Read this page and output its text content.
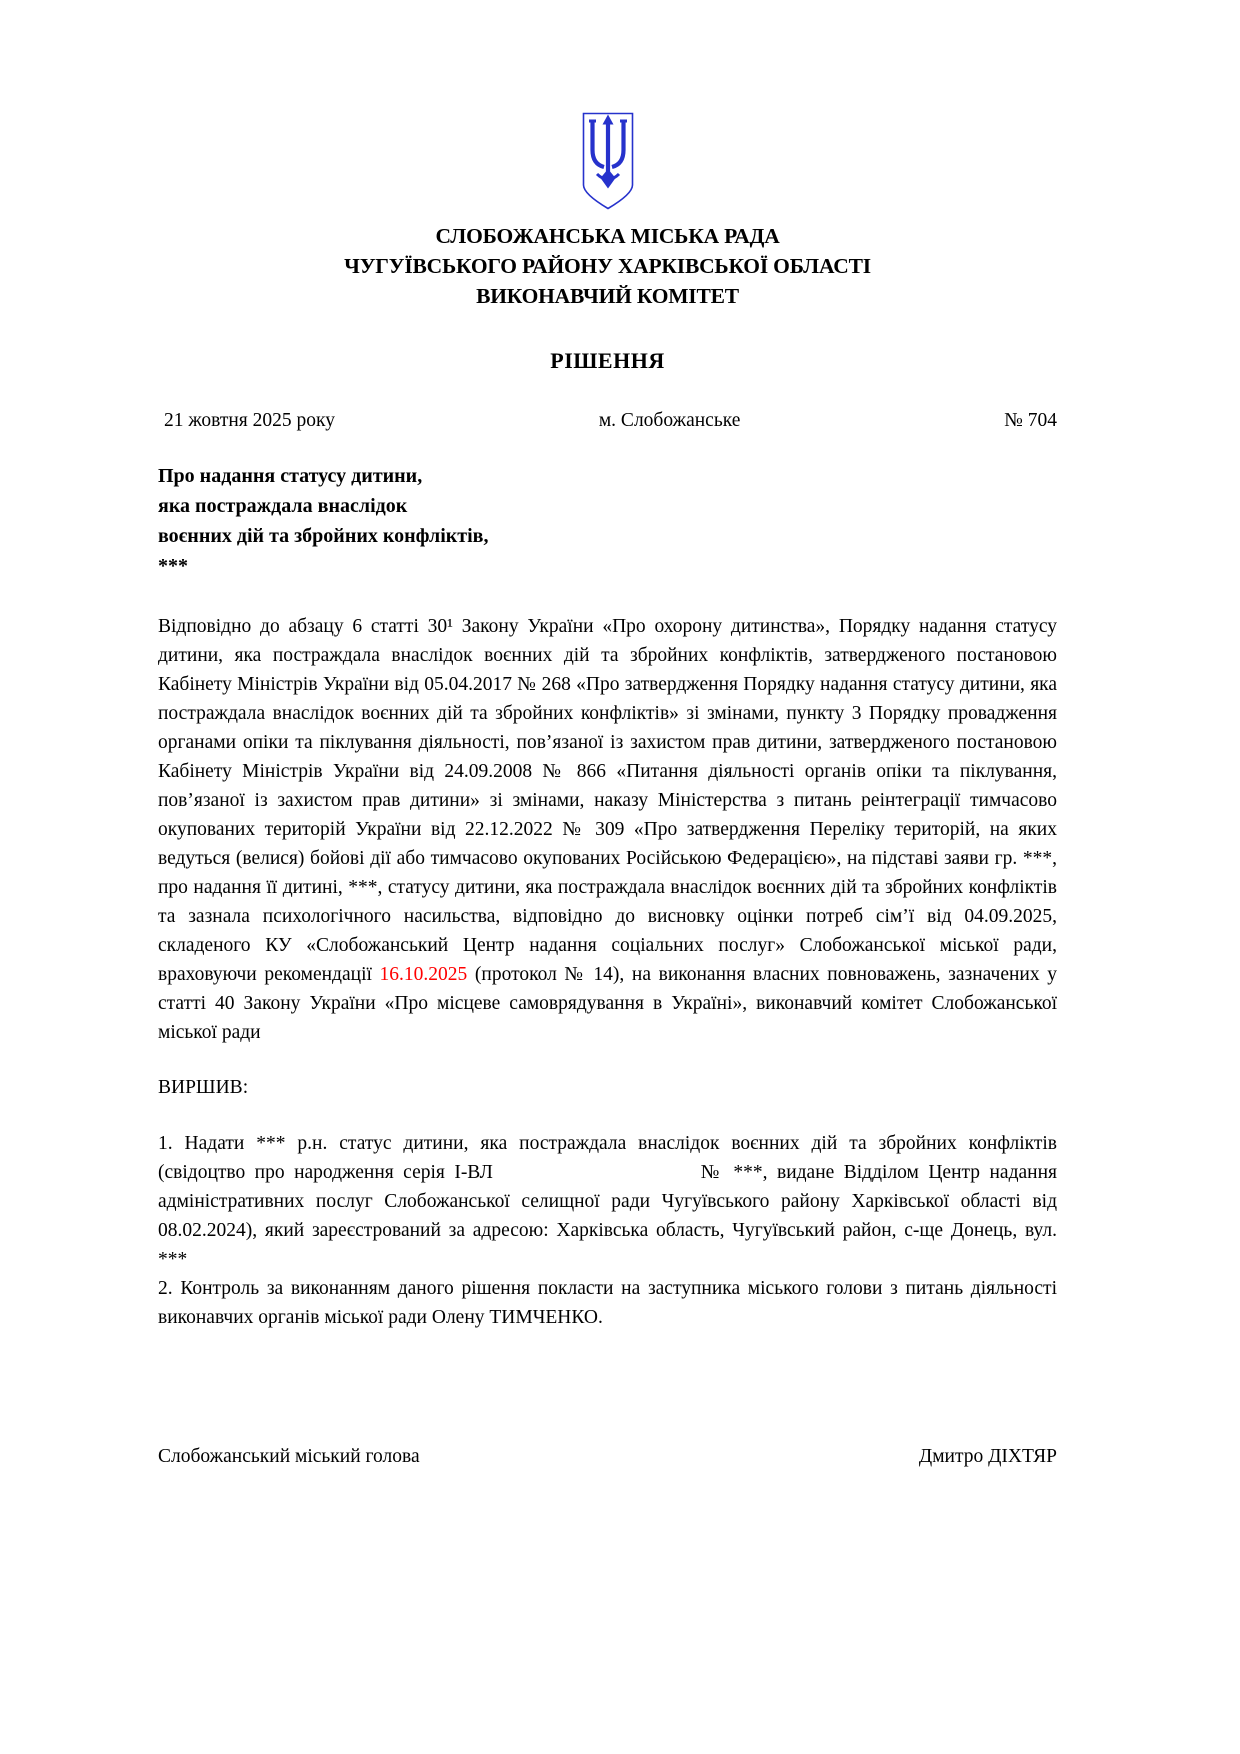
СЛОБОЖАНСЬКА МІСЬКА РАДА
ЧУГУЇВСЬКОГО РАЙОНУ ХАРКІВСЬКОЇ ОБЛАСТІ
ВИКОНАВЧИЙ КОМІТЕТ
РІШЕННЯ
21 жовтня 2025 року	м. Слобожанське	№ 704
Про надання статусу дитини,
яка постраждала внаслідок
воєнних дій та збройних конфліктів,
***

Відповідно до абзацу 6 статті 30¹ Закону України «Про охорону дитинства», Порядку надання статусу дитини, яка постраждала внаслідок воєнних дій та збройних конфліктів, затвердженого постановою Кабінету Міністрів України від 05.04.2017 № 268 «Про затвердження Порядку надання статусу дитини, яка постраждала внаслідок воєнних дій та збройних конфліктів» зі змінами, пункту 3 Порядку провадження органами опіки та піклування діяльності, пов’язаної із захистом прав дитини, затвердженого постановою Кабінету Міністрів України від 24.09.2008 № 866 «Питання діяльності органів опіки та піклування, пов’язаної із захистом прав дитини» зі змінами, наказу Міністерства з питань реінтеграції тимчасово окупованих територій України від 22.12.2022 № 309 «Про затвердження Переліку територій, на яких ведуться (велися) бойові дії або тимчасово окупованих Російською Федерацією», на підставі заяви гр. ***, про надання її дитині, ***, статусу дитини, яка постраждала внаслідок воєнних дій та збройних конфліктів та зазнала психологічного насильства, відповідно до висновку оцінки потреб сім’ї від 04.09.2025, складеного КУ «Слобожанський Центр надання соціальних послуг» Слобожанської міської ради, враховуючи рекомендації 16.10.2025 (протокол № 14), на виконання власних повноважень, зазначених у статті 40 Закону України «Про місцеве самоврядування в Україні», виконавчий комітет Слобожанської міської ради

ВИРШИВ:

1. Надати *** р.н. статус дитини, яка постраждала внаслідок воєнних дій та збройних конфліктів (свідоцтво про народження серія І-ВЛ                      № ***, видане Відділом Центр надання адміністративних послуг Слобожанської селищної ради Чугуївського району Харківської області від 08.02.2024), який зареєстрований за адресою: Харківська область, Чугуївський район, с-ще Донець, вул. ***

2. Контроль за виконанням даного рішення покласти на заступника міського голови з питань діяльності виконавчих органів міської ради Олену ТИМЧЕНКО.

Слобожанський міський голова	Дмитро ДІХТЯР
